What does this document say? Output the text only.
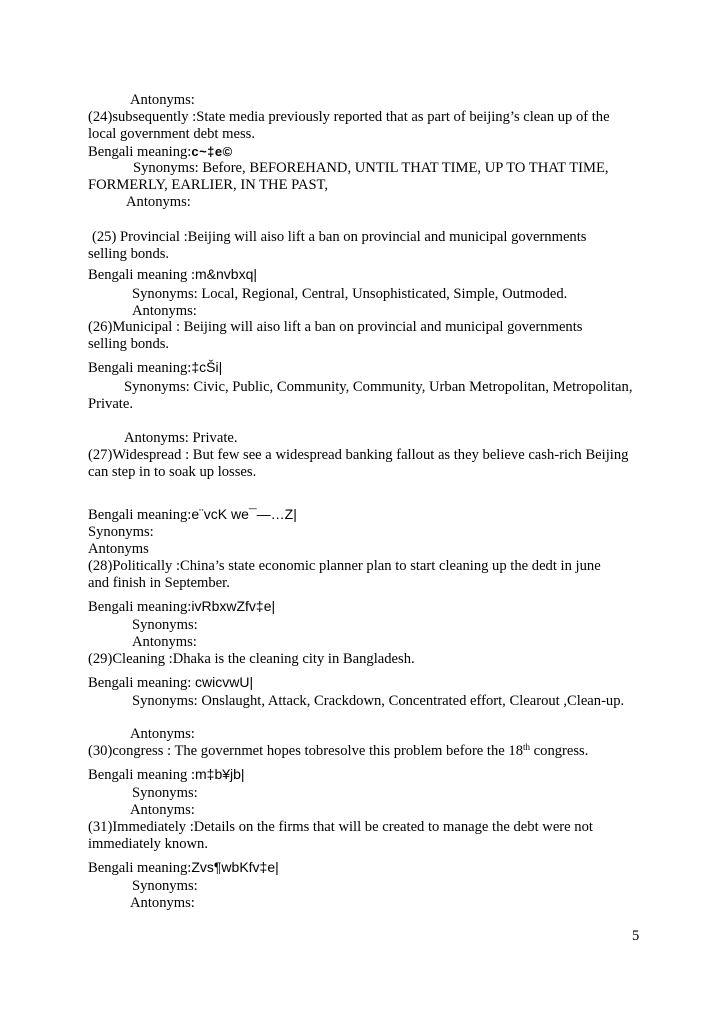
Antonyms:
(24)subsequently :State media previously reported that as part of beijing’s clean up of the
local government debt mess.
Bengali meaning:c~‡e©
Synonyms: Before, BEFOREHAND, UNTIL THAT TIME, UP TO THAT TIME,
FORMERLY, EARLIER, IN THE PAST,
Antonyms:
(25) Provincial :Beijing will aiso lift a ban on provincial and municipal governments
selling bonds.
Bengali meaning :m&nvbxq|
Synonyms: Local, Regional, Central, Unsophisticated, Simple, Outmoded.
Antonyms:
(26)Municipal : Beijing will aiso lift a ban on provincial and municipal governments
selling bonds.
Bengali meaning:‡cŠi|
Synonyms: Civic, Public, Community, Community, Urban Metropolitan, Metropolitan,
Private.
Antonyms: Private.
(27)Widespread : But few see a widespread banking fallout as they believe cash-rich Beijing
can step in to soak up losses.
Bengali meaning:e¨vcK we¯—…Z|
Synonyms:
Antonyms
(28)Politically :China’s state economic planner plan to start cleaning up the dedt in june
and finish in September.
Bengali meaning:ivRbxwZfv‡e|
Synonyms:
Antonyms:
(29)Cleaning :Dhaka is the cleaning city in Bangladesh.
Bengali meaning: cwicvwU|
Synonyms: Onslaught, Attack, Crackdown, Concentrated effort, Clearout ,Clean-up.
Antonyms:
(30)congress : The governmet hopes tobresolve this problem before the 18th congress.
Bengali meaning :m‡b¥jb|
Synonyms:
Antonyms:
(31)Immediately :Details on the firms that will be created to manage the debt were not
immediately known.
Bengali meaning:Zvs¶wbKfv‡e|
Synonyms:
Antonyms:
5
